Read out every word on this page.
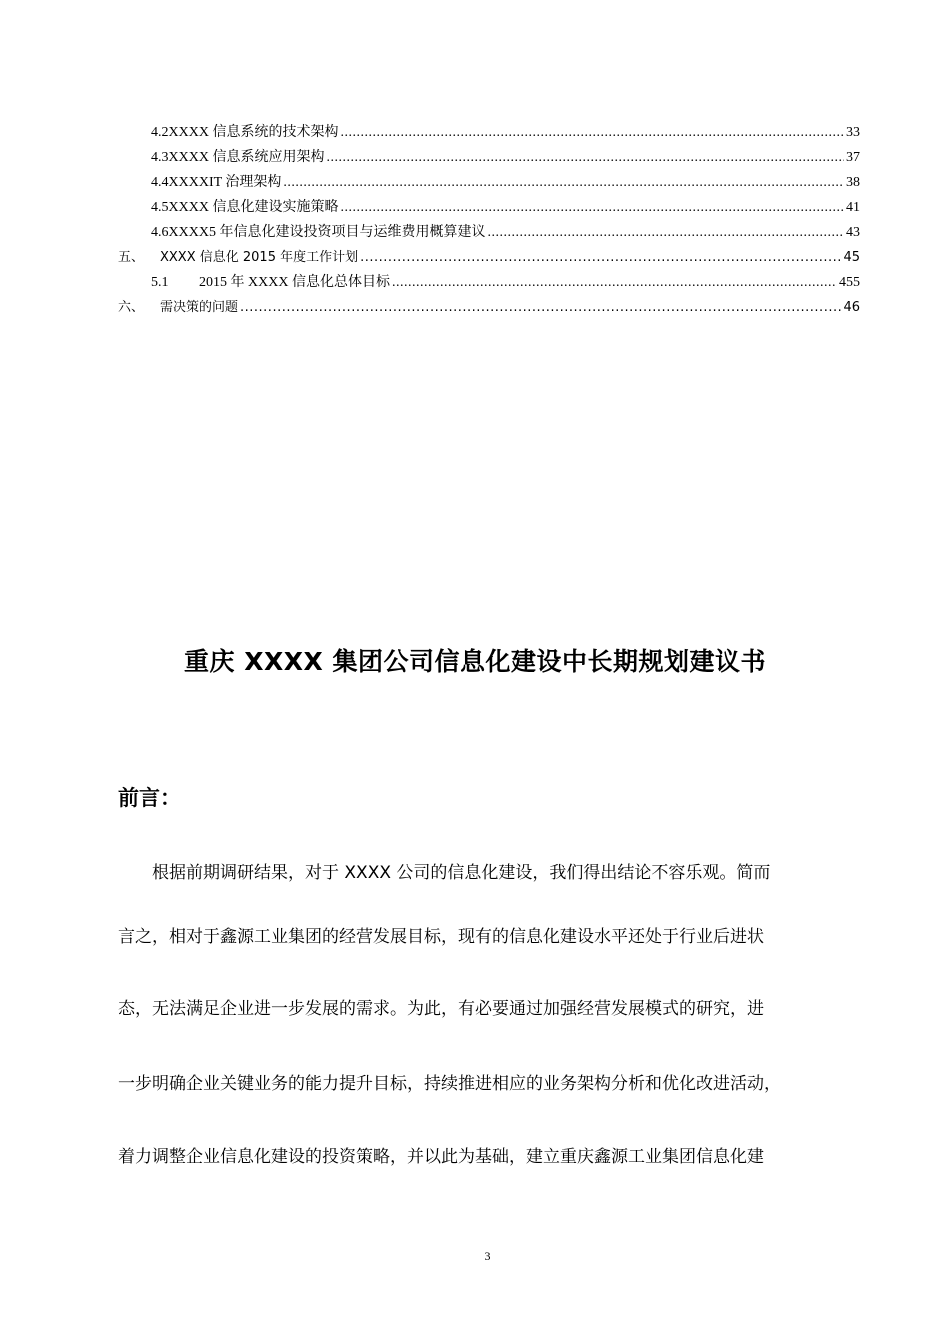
4.2XXXX 信息系统的技术架构 .....	33
4.3XXXX 信息系统应用架构 .....	37
4.4XXXXIT 治理架构 .....	38
4.5XXXX 信息化建设实施策略 .....	41
4.6XXXX5 年信息化建设投资项目与运维费用概算建议 .....	43
五、	XXXX 信息化 2015 年度工作计划 .....	45
5.1	2015 年 XXXX 信息化总体目标 .....	455
六、	需决策的问题 .....	46
重庆 XXXX 集团公司信息化建设中长期规划建议书
前言：
　　根据前期调研结果，对于 XXXX 公司的信息化建设，我们得出结论不容乐观。简而
言之，相对于鑫源工业集团的经营发展目标，现有的信息化建设水平还处于行业后进状
态，无法满足企业进一步发展的需求。为此，有必要通过加强经营发展模式的研究，进
一步明确企业关键业务的能力提升目标，持续推进相应的业务架构分析和优化改进活动，
着力调整企业信息化建设的投资策略，并以此为基础，建立重庆鑫源工业集团信息化建
3
